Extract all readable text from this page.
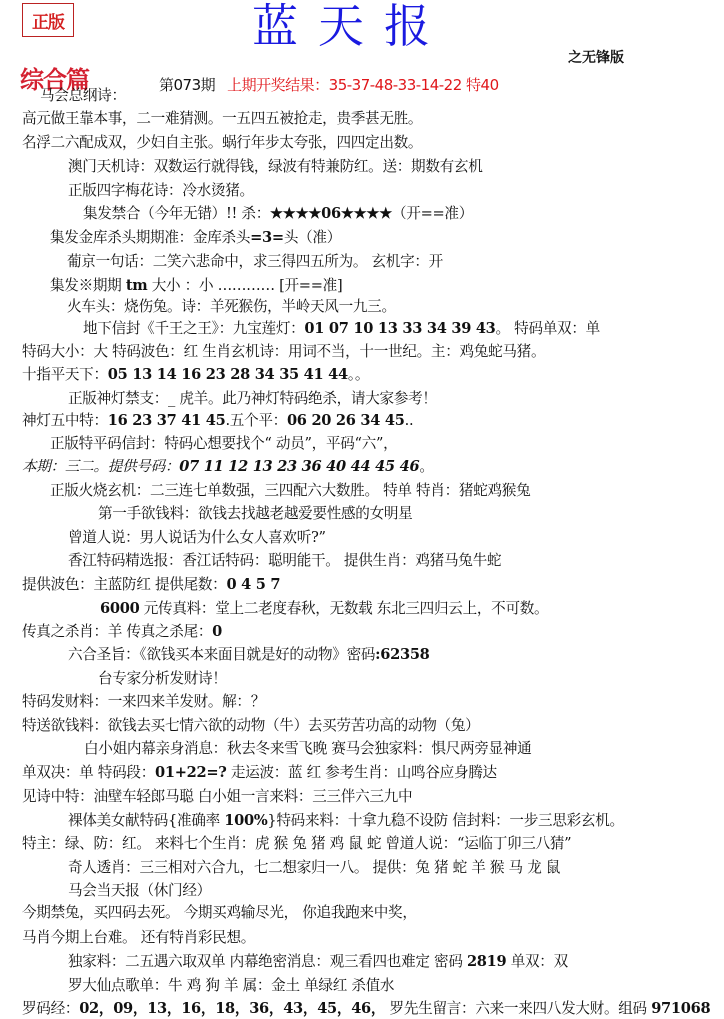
正版	蓝天报
之无锋版
综合篇	第073期 上期开奖结果：35-37-48-33-14-22 特40
马会总纲诗：
高元做王靠本事，二一难猜测。一五四五被抢走，贵季甚无胜。
名浮二六配成双，少妇自主张。蜗行年步太夸张，四四定出数。
澳门天机诗：双数运行就得钱，绿波有特兼防红。送：期数有玄机
正版四字梅花诗：冷水烫猪。
集发禁合（今年无错）!! 杀：★★★★06★★★★（开==准）
集发金库杀头期期准：金库杀头=3=头（准）
葡京一句话：二笑六悲命中，求三得四五所为。 玄机字：开
集发※期期 tm 大小 ：小 ………… [开==准]
火车头：烧伤兔。诗：羊死猴伤，半岭天风一九三。
地下信封《千王之王》：九宝莲灯：01 07 10 13 33 34 39 43。 特码单双：单
特码大小：大 特码波色：红 生肖玄机诗：用词不当，十一世纪。主：鸡兔蛇马猪。
十指平天下：05 13 14 16 23 28 34 35 41 44。。
正版神灯禁支：_ 虎羊。此乃神灯特码绝杀，请大家参考！
神灯五中特：16 23 37 41 45.五个平：06 20 26 34 45..
正版特平码信封：特码心想要找个“ 动员”，平码“六”，
本期：三二。提供号码：07 11 12 13 23 36 40 44 45 46。
正版火烧玄机：二三连七单数强，三四配六大数胜。 特单 特肖：猪蛇鸡猴兔
第一手欲钱料：欲钱去找越老越爱要性感的女明星
曾道人说：男人说话为什么女人喜欢听?”
香江特码精选报：香江话特码：聪明能干。 提供生肖：鸡猪马兔牛蛇
提供波色：主蓝防红 提供尾数：0 4 5 7
6000 元传真料：堂上二老度春秋，无数载 东北三四归云上，不可数。
传真之杀肖：羊 传真之杀尾：0
六合圣旨：《欲钱买本来面目就是好的动物》密码:62358
台专家分析发财诗！
特码发财料：一来四来羊发财。解：？
特送欲钱料：欲钱去买七情六欲的动物（牛）去买劳苦功高的动物（兔）
白小姐内幕亲身消息：秋去冬来雪飞晚 赛马会独家料：惧尺两旁显神通
单双决：单 特码段：01+22=? 走运波：蓝 红 参考生肖：山鸣谷应身腾达
见诗中特：油壁车轻郎马聪 白小姐一言来料：三三伴六三九中
裸体美女献特码{准确率 100%}特码来料：十拿九稳不设防 信封料：一步三思彩玄机。
特主：绿、防：红。 来料七个生肖：虎 猴 兔 猪 鸡 鼠 蛇 曾道人说：“运临丁卯三八猜”
奇人透肖：三三相对六合九，七二想家归一八。 提供：兔 猪 蛇 羊 猴 马 龙 鼠
马会当天报（休门经）
今期禁兔，买四码去死。 今期买鸡输尽光， 你追我跑来中奖，
马肖今期上台难。 还有特肖彩民想。
独家料：二五遇六取双单 内幕绝密消息：观三看四也难定 密码 2819 单双：双
罗大仙点歌单：牛 鸡 狗 羊 属：金土 单绿红 杀值水
罗码经：02，09，13，16，18，36，43，45，46， 罗先生留言：六来一来四八发大财。组码 971068
